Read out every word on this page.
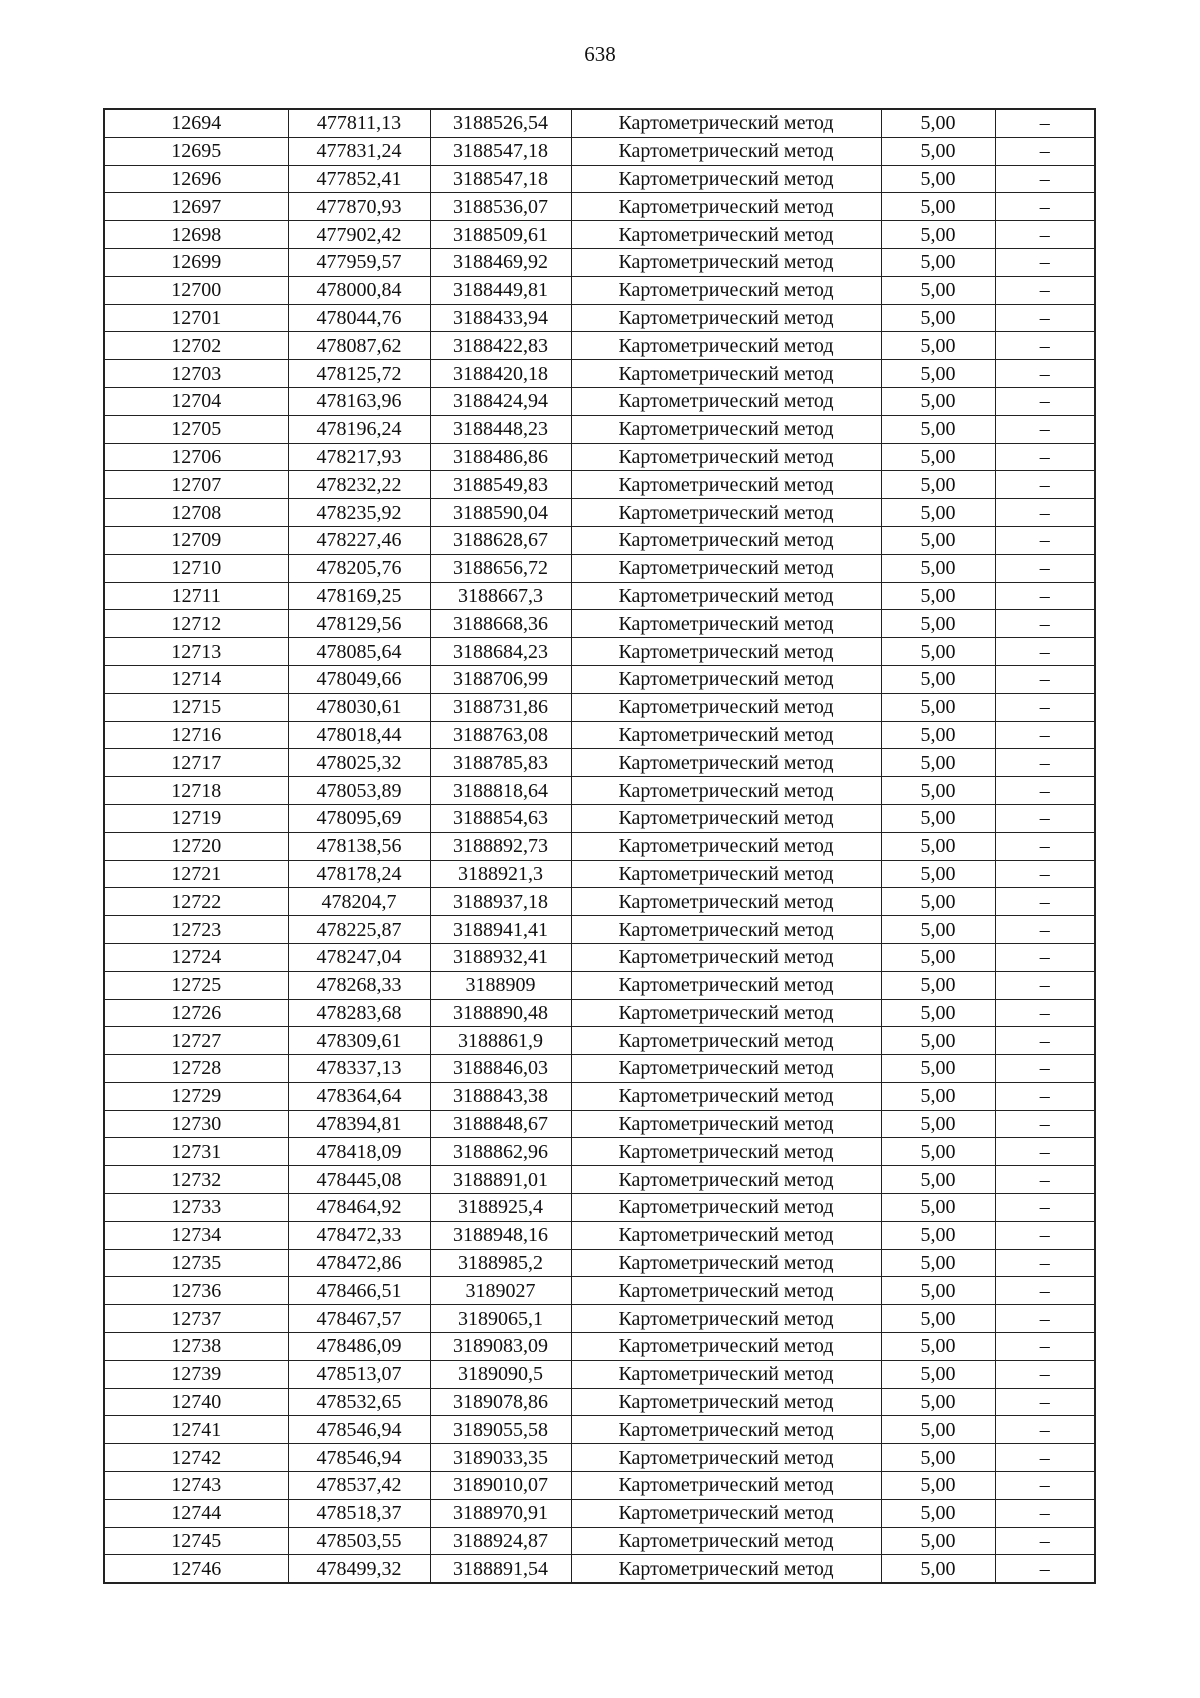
638
12694	477811,13	3188526,54	Картометрический метод	5,00	–
12695	477831,24	3188547,18	Картометрический метод	5,00	–
12696	477852,41	3188547,18	Картометрический метод	5,00	–
12697	477870,93	3188536,07	Картометрический метод	5,00	–
12698	477902,42	3188509,61	Картометрический метод	5,00	–
12699	477959,57	3188469,92	Картометрический метод	5,00	–
12700	478000,84	3188449,81	Картометрический метод	5,00	–
12701	478044,76	3188433,94	Картометрический метод	5,00	–
12702	478087,62	3188422,83	Картометрический метод	5,00	–
12703	478125,72	3188420,18	Картометрический метод	5,00	–
12704	478163,96	3188424,94	Картометрический метод	5,00	–
12705	478196,24	3188448,23	Картометрический метод	5,00	–
12706	478217,93	3188486,86	Картометрический метод	5,00	–
12707	478232,22	3188549,83	Картометрический метод	5,00	–
12708	478235,92	3188590,04	Картометрический метод	5,00	–
12709	478227,46	3188628,67	Картометрический метод	5,00	–
12710	478205,76	3188656,72	Картометрический метод	5,00	–
12711	478169,25	3188667,3	Картометрический метод	5,00	–
12712	478129,56	3188668,36	Картометрический метод	5,00	–
12713	478085,64	3188684,23	Картометрический метод	5,00	–
12714	478049,66	3188706,99	Картометрический метод	5,00	–
12715	478030,61	3188731,86	Картометрический метод	5,00	–
12716	478018,44	3188763,08	Картометрический метод	5,00	–
12717	478025,32	3188785,83	Картометрический метод	5,00	–
12718	478053,89	3188818,64	Картометрический метод	5,00	–
12719	478095,69	3188854,63	Картометрический метод	5,00	–
12720	478138,56	3188892,73	Картометрический метод	5,00	–
12721	478178,24	3188921,3	Картометрический метод	5,00	–
12722	478204,7	3188937,18	Картометрический метод	5,00	–
12723	478225,87	3188941,41	Картометрический метод	5,00	–
12724	478247,04	3188932,41	Картометрический метод	5,00	–
12725	478268,33	3188909	Картометрический метод	5,00	–
12726	478283,68	3188890,48	Картометрический метод	5,00	–
12727	478309,61	3188861,9	Картометрический метод	5,00	–
12728	478337,13	3188846,03	Картометрический метод	5,00	–
12729	478364,64	3188843,38	Картометрический метод	5,00	–
12730	478394,81	3188848,67	Картометрический метод	5,00	–
12731	478418,09	3188862,96	Картометрический метод	5,00	–
12732	478445,08	3188891,01	Картометрический метод	5,00	–
12733	478464,92	3188925,4	Картометрический метод	5,00	–
12734	478472,33	3188948,16	Картометрический метод	5,00	–
12735	478472,86	3188985,2	Картометрический метод	5,00	–
12736	478466,51	3189027	Картометрический метод	5,00	–
12737	478467,57	3189065,1	Картометрический метод	5,00	–
12738	478486,09	3189083,09	Картометрический метод	5,00	–
12739	478513,07	3189090,5	Картометрический метод	5,00	–
12740	478532,65	3189078,86	Картометрический метод	5,00	–
12741	478546,94	3189055,58	Картометрический метод	5,00	–
12742	478546,94	3189033,35	Картометрический метод	5,00	–
12743	478537,42	3189010,07	Картометрический метод	5,00	–
12744	478518,37	3188970,91	Картометрический метод	5,00	–
12745	478503,55	3188924,87	Картометрический метод	5,00	–
12746	478499,32	3188891,54	Картометрический метод	5,00	–
